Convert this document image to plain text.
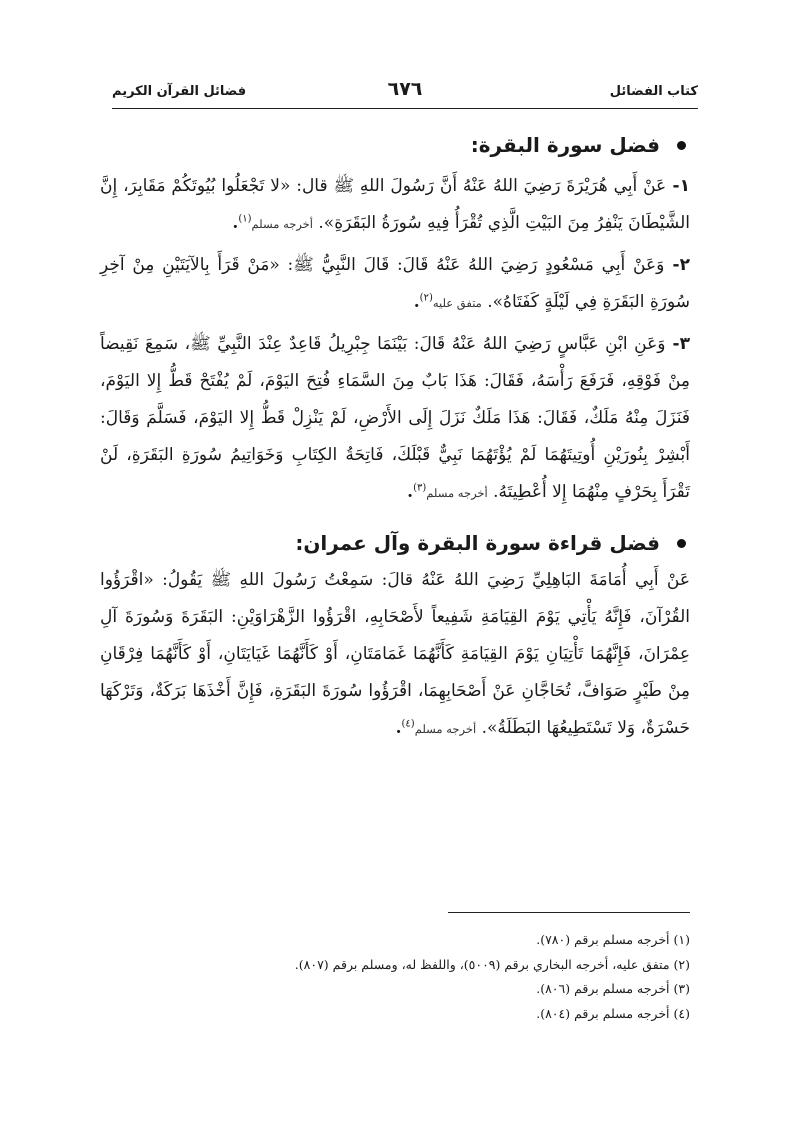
كتاب الفضائل
٦٧٦
فضائل القرآن الكريم
فضل سورة البقرة:

١- عَنْ أَبِي هُرَيْرَةَ رَضِيَ اللهُ عَنْهُ أَنَّ رَسُولَ اللهِ ﷺ قال: «لا تَجْعَلُوا بُيُوتَكُمْ مَقَابِرَ، إِنَّ الشَّيْطَانَ يَنْفِرُ مِنَ البَيْتِ الَّذِي تُقْرَأُ فِيهِ سُورَةُ البَقَرَةِ». أخرجه مسلم$^{(١)}$.

٢- وَعَنْ أَبِي مَسْعُودٍ رَضِيَ اللهُ عَنْهُ قَالَ: قَالَ النَّبِيُّ ﷺ: «مَنْ قَرَأَ بِالآيَتَيْنِ مِنْ آخِرِ سُورَةِ البَقَرَةِ فِي لَيْلَةٍ كَفَتَاهُ». متفق عليه$^{(٢)}$.

٣- وَعَنِ ابْنِ عَبَّاسٍ رَضِيَ اللهُ عَنْهُ قَالَ: بَيْنَمَا جِبْرِيلُ قَاعِدٌ عِنْدَ النَّبِيِّ ﷺ، سَمِعَ نَقِيضاً مِنْ فَوْقِهِ، فَرَفَعَ رَأْسَهُ، فَقَالَ: هَذَا بَابٌ مِنَ السَّمَاءِ فُتِحَ اليَوْمَ، لَمْ يُفْتَحْ قَطُّ إِلا اليَوْمَ، فَنَزَلَ مِنْهُ مَلَكٌ، فَقَالَ: هَذَا مَلَكٌ نَزَلَ إِلَى الأَرْضِ، لَمْ يَنْزِلْ قَطُّ إِلا اليَوْمَ، فَسَلَّمَ وَقَالَ: أَبْشِرْ بِنُورَيْنِ أُوتِيتَهُمَا لَمْ يُؤْتَهُمَا نَبِيٌّ قَبْلَكَ، فَاتِحَةُ الكِتَابِ وَخَوَاتِيمُ سُورَةِ البَقَرَةِ، لَنْ تَقْرَأَ بِحَرْفٍ مِنْهُمَا إِلا أُعْطِيتَهُ. أخرجه مسلم$^{(٣)}$.

فضل قراءة سورة البقرة وآل عمران:

عَنْ أَبِي أُمَامَةَ البَاهِلِيِّ رَضِيَ اللهُ عَنْهُ قالَ: سَمِعْتُ رَسُولَ اللهِ ﷺ يَقُولُ: «اقْرَؤُوا القُرْآنَ، فَإِنَّهُ يَأْتِي يَوْمَ القِيَامَةِ شَفِيعاً لأَصْحَابِهِ، اقْرَؤُوا الزَّهْرَاوَيْنِ: البَقَرَةَ وَسُورَةَ آلِ عِمْرَانَ، فَإِنَّهُمَا تَأْتِيَانِ يَوْمَ القِيَامَةِ كَأَنَّهُمَا غَمَامَتَانِ، أَوْ كَأَنَّهُمَا غَيَايَتَانِ، أَوْ كَأَنَّهُمَا فِرْقَانِ مِنْ طَيْرٍ صَوَافَّ، تُحَاجَّانِ عَنْ أَصْحَابِهِمَا، اقْرَؤُوا سُورَةَ البَقَرَةِ، فَإِنَّ أَخْذَهَا بَرَكَةٌ، وَتَرْكَهَا حَسْرَةٌ، وَلا تَسْتَطِيعُهَا البَطَلَةُ». أخرجه مسلم$^{(٤)}$.

(١) أخرجه مسلم برقم (٧٨٠).
(٢) متفق عليه، أخرجه البخاري برقم (٥٠٠٩)، واللفظ له، ومسلم برقم (٨٠٧).
(٣) أخرجه مسلم برقم (٨٠٦).
(٤) أخرجه مسلم برقم (٨٠٤).
